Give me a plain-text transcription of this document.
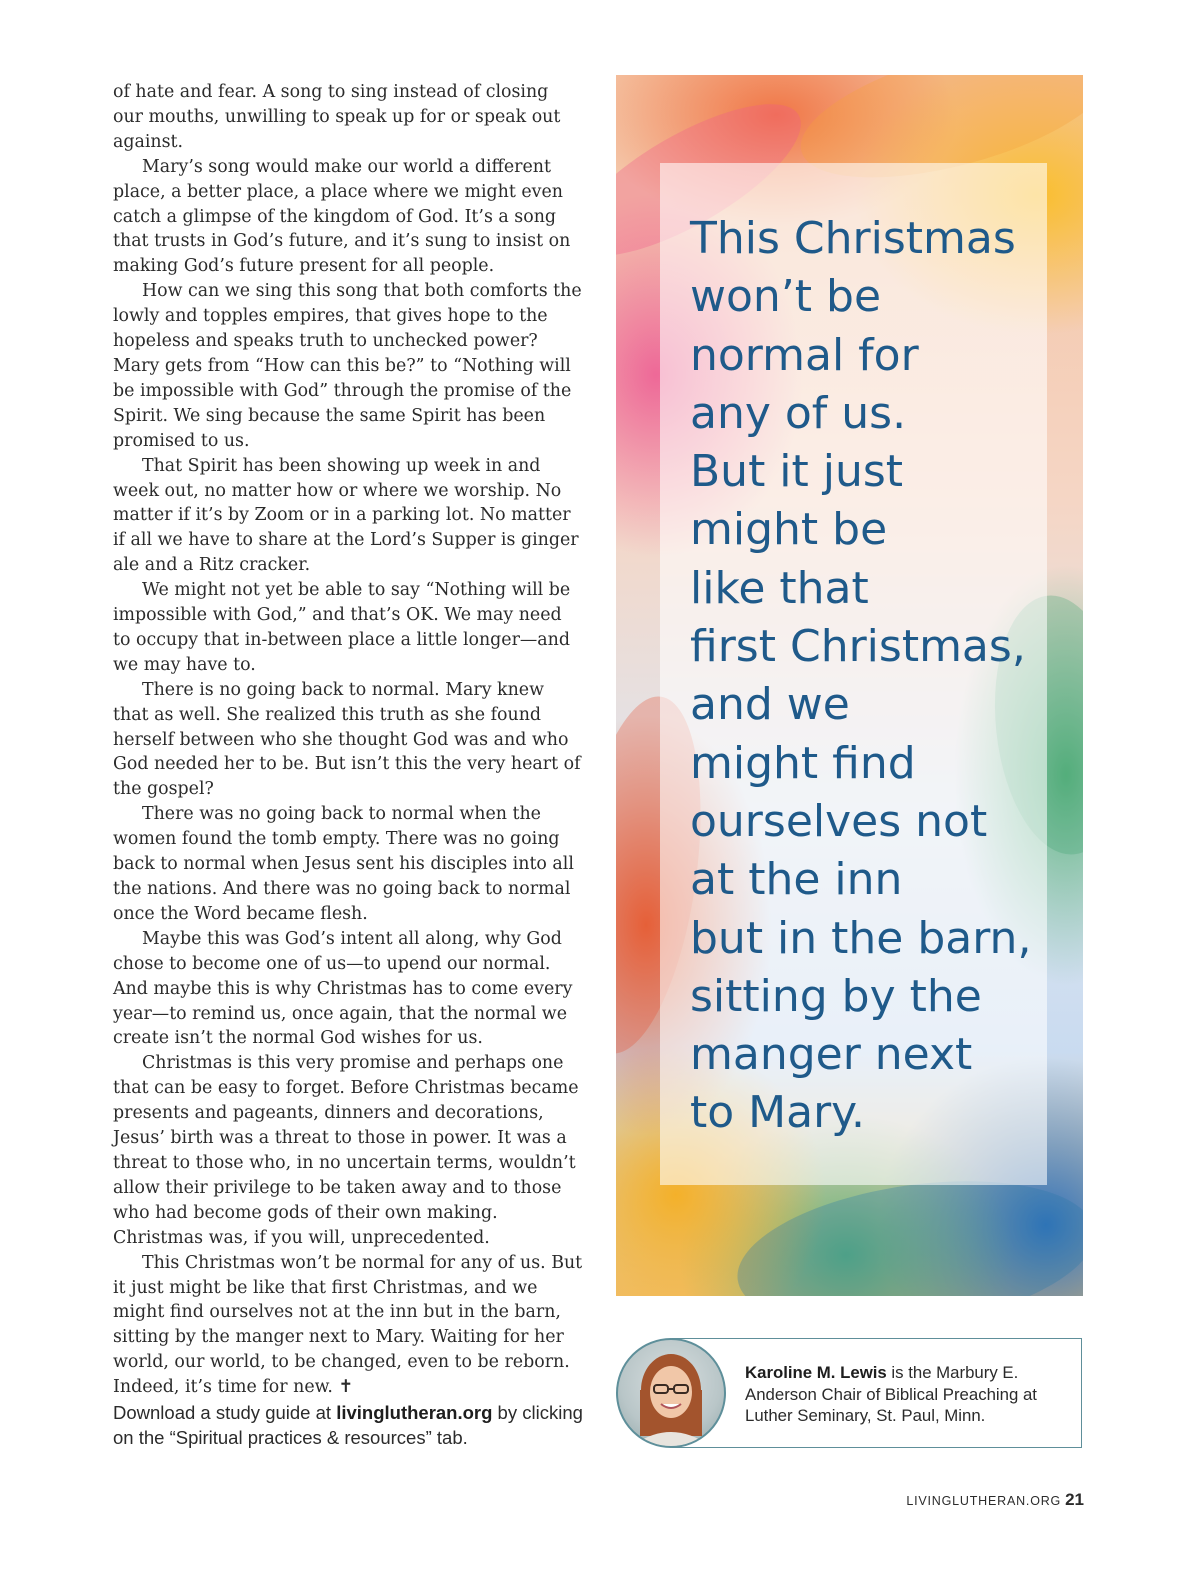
of hate and fear. A song to sing instead of closing our mouths, unwilling to speak up for or speak out against.

Mary’s song would make our world a different place, a better place, a place where we might even catch a glimpse of the kingdom of God. It’s a song that trusts in God’s future, and it’s sung to insist on making God’s future present for all people.

How can we sing this song that both comforts the lowly and topples empires, that gives hope to the hopeless and speaks truth to unchecked power? Mary gets from “How can this be?” to “Nothing will be impossible with God” through the promise of the Spirit. We sing because the same Spirit has been promised to us.

That Spirit has been showing up week in and week out, no matter how or where we worship. No matter if it’s by Zoom or in a parking lot. No matter if all we have to share at the Lord’s Supper is ginger ale and a Ritz cracker.

We might not yet be able to say “Nothing will be impossible with God,” and that’s OK. We may need to occupy that in-between place a little longer—and we may have to.

There is no going back to normal. Mary knew that as well. She realized this truth as she found herself between who she thought God was and who God needed her to be. But isn’t this the very heart of the gospel?

There was no going back to normal when the women found the tomb empty. There was no going back to normal when Jesus sent his disciples into all the nations. And there was no going back to normal once the Word became flesh.

Maybe this was God’s intent all along, why God chose to become one of us—to upend our normal. And maybe this is why Christmas has to come every year—to remind us, once again, that the normal we create isn’t the normal God wishes for us.

Christmas is this very promise and perhaps one that can be easy to forget. Before Christmas became presents and pageants, dinners and decorations, Jesus’ birth was a threat to those in power. It was a threat to those who, in no uncertain terms, wouldn’t allow their privilege to be taken away and to those who had become gods of their own making. Christmas was, if you will, unprecedented.

This Christmas won’t be normal for any of us. But it just might be like that first Christmas, and we might find ourselves not at the inn but in the barn, sitting by the manger next to Mary. Waiting for her world, our world, to be changed, even to be reborn. Indeed, it’s time for new. ✝

Download a study guide at livinglutheran.org by clicking on the “Spiritual practices & resources” tab.
This Christmas
won’t be
normal for
any of us.
But it just
might be
like that
first Christmas,
and we
might find
ourselves not
at the inn
but in the barn,
sitting by the
manger next
to Mary.

Karoline M. Lewis is the Marbury E. Anderson Chair of Biblical Preaching at Luther Seminary, St. Paul, Minn.

LIVINGLUTHERAN.ORG 21
